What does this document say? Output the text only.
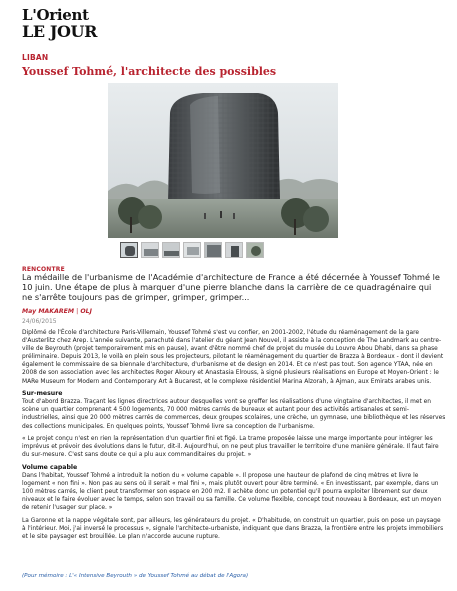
L'Orient
LE JOUR
LIBAN
Youssef Tohmé, l'architecte des possibles
RENCONTRE
La médaille de l'urbanisme de l'Académie d'architecture de France a été décernée à Youssef Tohmé le 10 juin. Une étape de plus à marquer d'une pierre blanche dans la carrière de ce quadragénaire qui ne s'arrête toujours pas de grimper, grimper, grimper...
May MAKAREM | OLJ
24/06/2015

Diplômé de l'École d'architecture Paris-Villemain, Youssef Tohmé s'est vu confier, en 2001-2002, l'étude du réaménagement de la gare d'Austerlitz chez Arep. L'année suivante, parachuté dans l'atelier du géant Jean Nouvel, il assiste à la conception de The Landmark au centre-ville de Beyrouth (projet temporairement mis en pause), avant d'être nommé chef de projet du musée du Louvre Abou Dhabi, dans sa phase préliminaire. Depuis 2013, le voilà en plein sous les projecteurs, pilotant le réaménagement du quartier de Brazza à Bordeaux - dont il devient également le commissaire de sa biennale d'architecture, d'urbanisme et de design en 2014. Et ce n'est pas tout. Son agence YTAA, née en 2008 de son association avec les architectes Roger Akoury et Anastasia Elrouss, à signé plusieurs réalisations en Europe et Moyen-Orient : le MARe Museum for Modern and Contemporary Art à Bucarest, et le complexe résidentiel Marina Alzorah, à Ajman, aux Emirats arabes unis.

Sur-mesure

Tout d'abord Brazza. Traçant les lignes directrices autour desquelles vont se greffer les réalisations d'une vingtaine d'architectes, il met en scène un quartier comprenant 4 500 logements, 70 000 mètres carrés de bureaux et autant pour des activités artisanales et semi-industrielles, ainsi que 20 000 mètres carrés de commerces, deux groupes scolaires, une crèche, un gymnase, une bibliothèque et les réserves des collections municipales. En quelques points, Youssef Tohmé livre sa conception de l'urbanisme.

« Le projet conçu n'est en rien la représentation d'un quartier fini et figé. La trame proposée laisse une marge importante pour intégrer les imprévus et prévoir des évolutions dans le futur, dit-il. Aujourd'hui, on ne peut plus travailler le territoire d'une manière générale. Il faut faire du sur-mesure. C'est sans doute ce qui a plu aux commanditaires du projet. »

Volume capable

Dans l'habitat, Youssef Tohmé a introduit la notion du « volume capable ». Il propose une hauteur de plafond de cinq mètres et livre le logement « non fini ». Non pas au sens où il serait « mal fini », mais plutôt ouvert pour être terminé. « En investissant, par exemple, dans un 100 mètres carrés, le client peut transformer son espace en 200 m2. Il achète donc un potentiel qu'il pourra exploiter librement sur deux niveaux et le faire évoluer avec le temps, selon son travail ou sa famille. Ce volume flexible, concept tout nouveau à Bordeaux, est un moyen de retenir l'usager sur place. »

La Garonne et la nappe végétale sont, par ailleurs, les générateurs du projet. « D'habitude, on construit un quartier, puis on pose un paysage à l'intérieur. Moi, j'ai inversé le processus », signale l'architecte-urbaniste, indiquant que dans Brazza, la frontière entre les projets immobiliers et le site paysager est brouillée. Le plan n'accorde aucune rupture.

(Pour mémoire : L'« Intensive Beyrouth » de Youssef Tohmé au débat de l'Agora)
